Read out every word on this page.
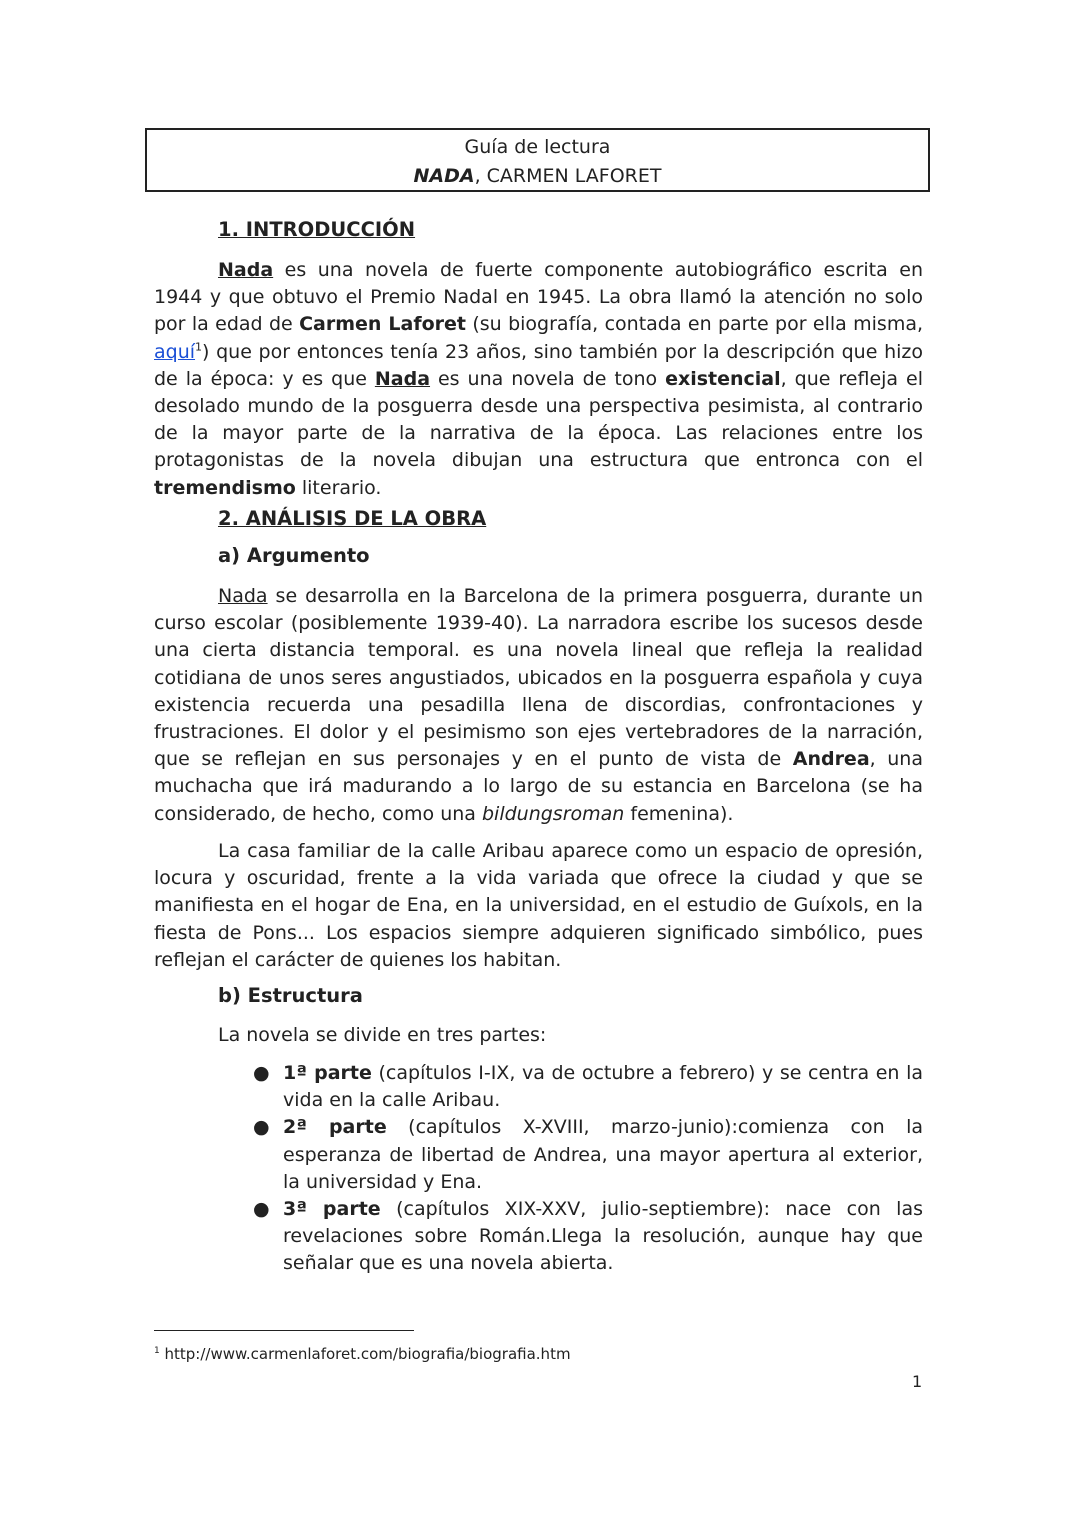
Guía de lectura
NADA, CARMEN LAFORET
1. INTRODUCCIÓN

Nada es una novela de fuerte componente autobiográfico escrita en 1944 y que obtuvo el Premio Nadal en 1945. La obra llamó la atención no solo por la edad de Carmen Laforet (su biografía, contada en parte por ella misma, aquí$^1$) que por entonces tenía 23 años, sino también por la descripción que hizo de la época: y es que Nada es una novela de tono existencial, que refleja el desolado mundo de la posguerra desde una perspectiva pesimista, al contrario de la mayor parte de la narrativa de la época. Las relaciones entre los protagonistas de la novela dibujan una estructura que entronca con el tremendismo literario.

2. ANÁLISIS DE LA OBRA
a) Argumento

Nada se desarrolla en la Barcelona de la primera posguerra, durante un curso escolar (posiblemente 1939-40). La narradora escribe los sucesos desde una cierta distancia temporal. es una novela lineal que refleja la realidad cotidiana de unos seres angustiados, ubicados en la posguerra española y cuya existencia recuerda una pesadilla llena de discordias, confrontaciones y frustraciones. El dolor y el pesimismo son ejes vertebradores de la narración, que se reflejan en sus personajes y en el punto de vista de Andrea, una muchacha que irá madurando a lo largo de su estancia en Barcelona (se ha considerado, de hecho, como una bildungsroman femenina).

La casa familiar de la calle Aribau aparece como un espacio de opresión, locura y oscuridad, frente a la vida variada que ofrece la ciudad y que se manifiesta en el hogar de Ena, en la universidad, en el estudio de Guíxols, en la fiesta de Pons... Los espacios siempre adquieren significado simbólico, pues reflejan el carácter de quienes los habitan.

b) Estructura
La novela se divide en tres partes:
● 1ª parte (capítulos I-IX, va de octubre a febrero) y se centra en la vida en la calle Aribau.
● 2ª parte (capítulos X-XVIII, marzo-junio):comienza con la esperanza de libertad de Andrea, una mayor apertura al exterior, la universidad y Ena.
● 3ª parte (capítulos XIX-XXV, julio-septiembre): nace con las revelaciones sobre Román.Llega la resolución, aunque hay que señalar que es una novela abierta.
$^1$ http://www.carmenlaforet.com/biografia/biografia.htm
1
